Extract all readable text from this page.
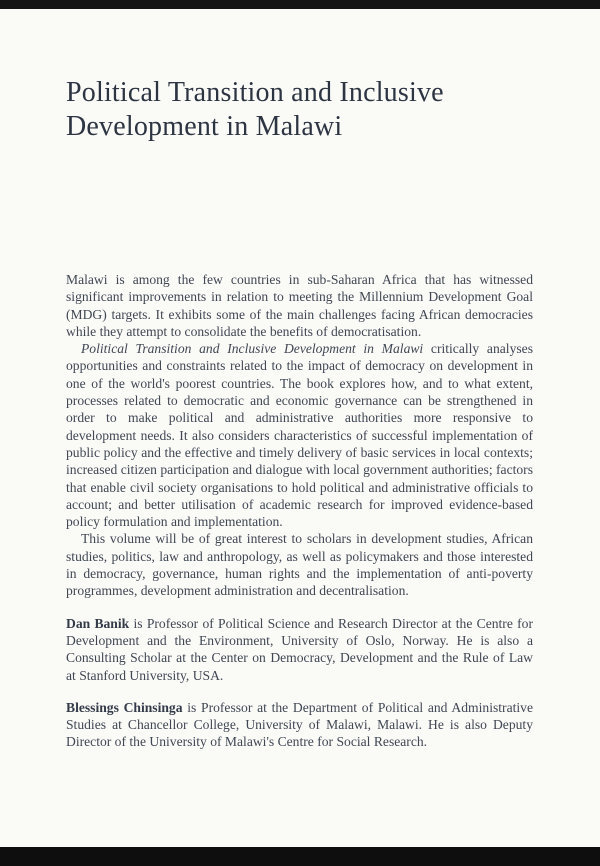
Political Transition and Inclusive
Development in Malawi

Malawi is among the few countries in sub-Saharan Africa that has witnessed significant improvements in relation to meeting the Millennium Development Goal (MDG) targets. It exhibits some of the main challenges facing African democracies while they attempt to consolidate the benefits of democratisation.

Political Transition and Inclusive Development in Malawi critically analyses opportunities and constraints related to the impact of democracy on development in one of the world's poorest countries. The book explores how, and to what extent, processes related to democratic and economic governance can be strengthened in order to make political and administrative authorities more responsive to development needs. It also considers characteristics of successful implementation of public policy and the effective and timely delivery of basic services in local contexts; increased citizen participation and dialogue with local government authorities; factors that enable civil society organisations to hold political and administrative officials to account; and better utilisation of academic research for improved evidence-based policy formulation and implementation.

This volume will be of great interest to scholars in development studies, African studies, politics, law and anthropology, as well as policymakers and those interested in democracy, governance, human rights and the implementation of anti-poverty programmes, development administration and decentralisation.

Dan Banik is Professor of Political Science and Research Director at the Centre for Development and the Environment, University of Oslo, Norway. He is also a Consulting Scholar at the Center on Democracy, Development and the Rule of Law at Stanford University, USA.

Blessings Chinsinga is Professor at the Department of Political and Administrative Studies at Chancellor College, University of Malawi, Malawi. He is also Deputy Director of the University of Malawi's Centre for Social Research.
